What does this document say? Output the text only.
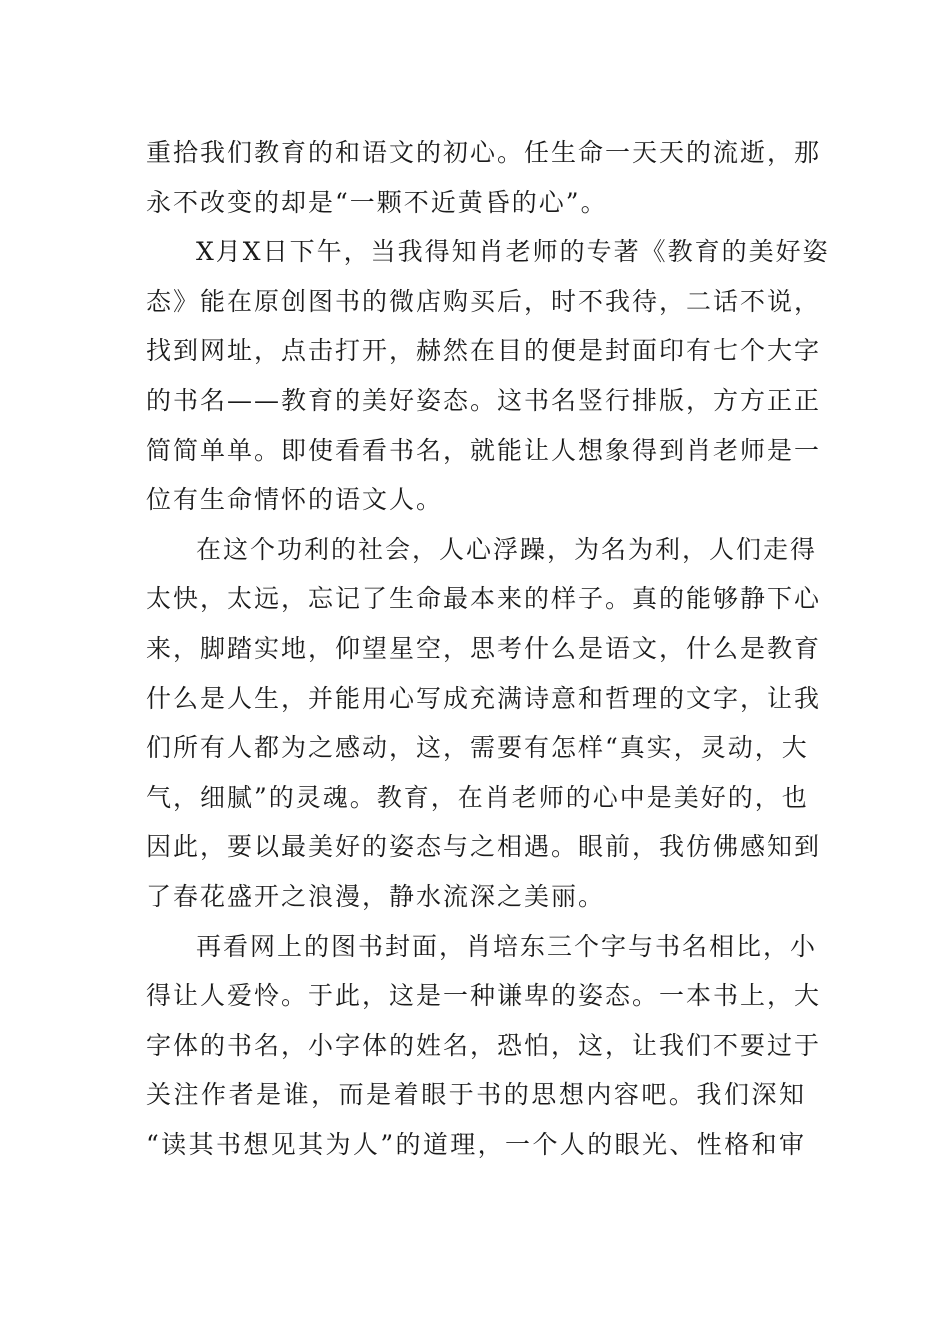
重拾我们教育的和语文的初心。任生命一天天的流逝，那
永不改变的却是“一颗不近黄昏的心”。
X月X日下午，当我得知肖老师的专著《教育的美好姿
态》能在原创图书的微店购买后，时不我待，二话不说，
找到网址，点击打开，赫然在目的便是封面印有七个大字
的书名——教育的美好姿态。这书名竖行排版，方方正正
简简单单。即使看看书名，就能让人想象得到肖老师是一
位有生命情怀的语文人。
在这个功利的社会，人心浮躁，为名为利，人们走得
太快，太远，忘记了生命最本来的样子。真的能够静下心
来，脚踏实地，仰望星空，思考什么是语文，什么是教育
什么是人生，并能用心写成充满诗意和哲理的文字，让我
们所有人都为之感动，这，需要有怎样“真实，灵动，大
气，细腻”的灵魂。教育，在肖老师的心中是美好的，也
因此，要以最美好的姿态与之相遇。眼前，我仿佛感知到
了春花盛开之浪漫，静水流深之美丽。
再看网上的图书封面，肖培东三个字与书名相比，小
得让人爱怜。于此，这是一种谦卑的姿态。一本书上，大
字体的书名，小字体的姓名，恐怕，这，让我们不要过于
关注作者是谁，而是着眼于书的思想内容吧。我们深知
“读其书想见其为人”的道理，一个人的眼光、性格和审
